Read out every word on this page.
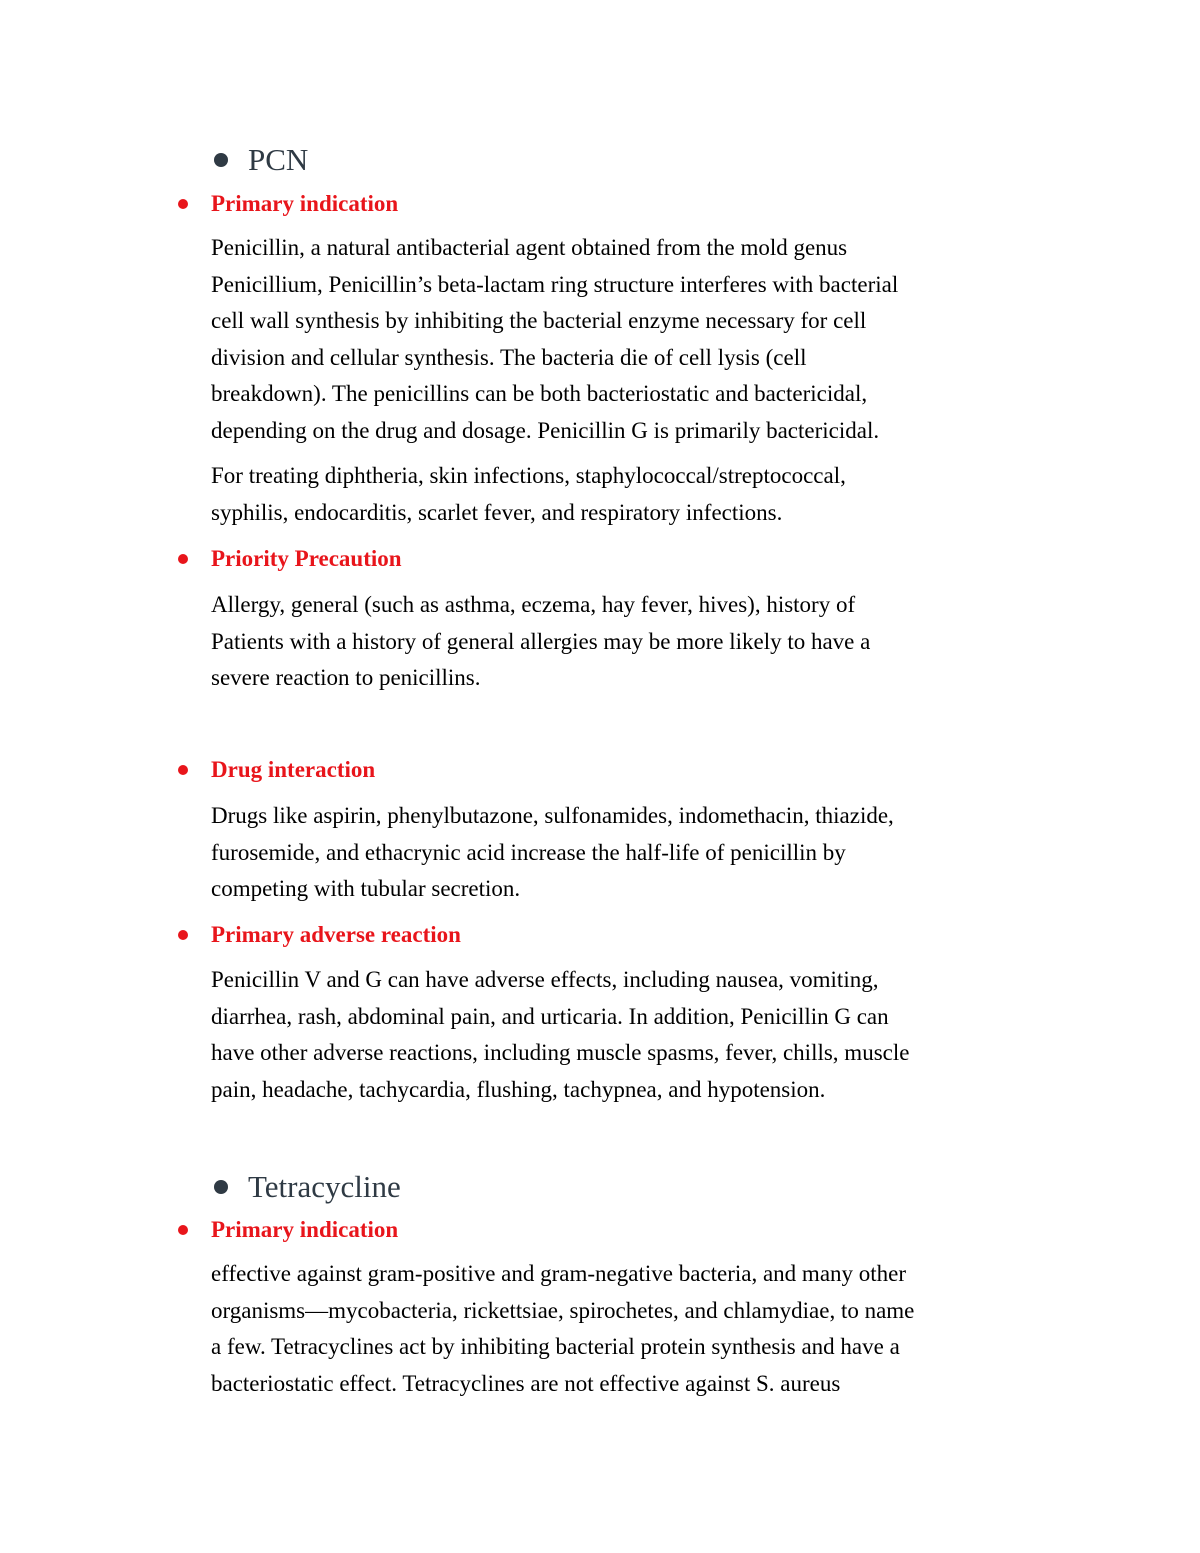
PCN
Primary indication
Penicillin, a natural antibacterial agent obtained from the mold genus
Penicillium, Penicillin’s beta-lactam ring structure interferes with bacterial
cell wall synthesis by inhibiting the bacterial enzyme necessary for cell
division and cellular synthesis. The bacteria die of cell lysis (cell
breakdown). The penicillins can be both bacteriostatic and bactericidal,
depending on the drug and dosage. Penicillin G is primarily bactericidal.
For treating diphtheria, skin infections, staphylococcal/streptococcal,
syphilis, endocarditis, scarlet fever, and respiratory infections.
Priority Precaution
Allergy, general (such as asthma, eczema, hay fever, hives), history of
Patients with a history of general allergies may be more likely to have a
severe reaction to penicillins.
Drug interaction
Drugs like aspirin, phenylbutazone, sulfonamides, indomethacin, thiazide,
furosemide, and ethacrynic acid increase the half-life of penicillin by
competing with tubular secretion.
Primary adverse reaction
Penicillin V and G can have adverse effects, including nausea, vomiting,
diarrhea, rash, abdominal pain, and urticaria. In addition, Penicillin G can
have other adverse reactions, including muscle spasms, fever, chills, muscle
pain, headache, tachycardia, flushing, tachypnea, and hypotension.
Tetracycline
Primary indication
effective against gram-positive and gram-negative bacteria, and many other
organisms—mycobacteria, rickettsiae, spirochetes, and chlamydiae, to name
a few. Tetracyclines act by inhibiting bacterial protein synthesis and have a
bacteriostatic effect. Tetracyclines are not effective against S. aureus
